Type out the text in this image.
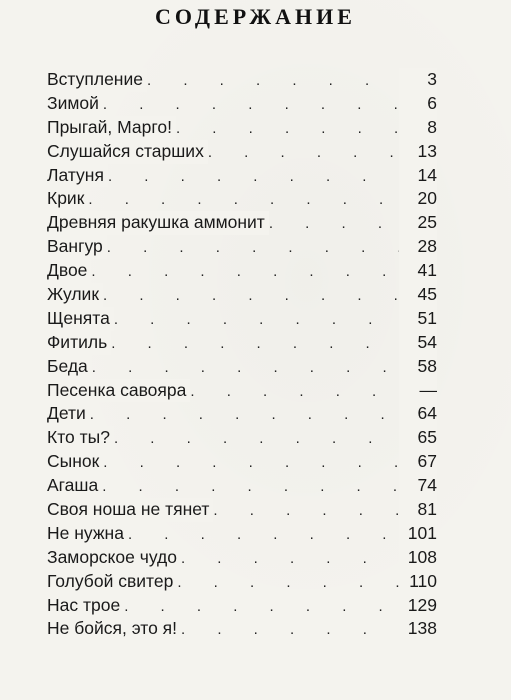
СОДЕРЖАНИЕ
Вступление . . .	3
Зимой . . .	6
Прыгай, Марго! . . .	8
Слушайся старших . . .	13
Латуня . . .	14
Крик . . .	20
Древняя ракушка аммонит . . .	25
Вангур . . .	28
Двое . . .	41
Жулик . . .	45
Щенята . . .	51
Фитиль . . .	54
Беда . . .	58
Песенка савояра . . .	—
Дети . . .	64
Кто ты? . . .	65
Сынок . . .	67
Агаша . . .	74
Своя ноша не тянет . . .	81
Не нужна . . .	101
Заморское чудо . . .	108
Голубой свитер . . .	110
Нас трое . . .	129
Не бойся, это я! . . .	138
